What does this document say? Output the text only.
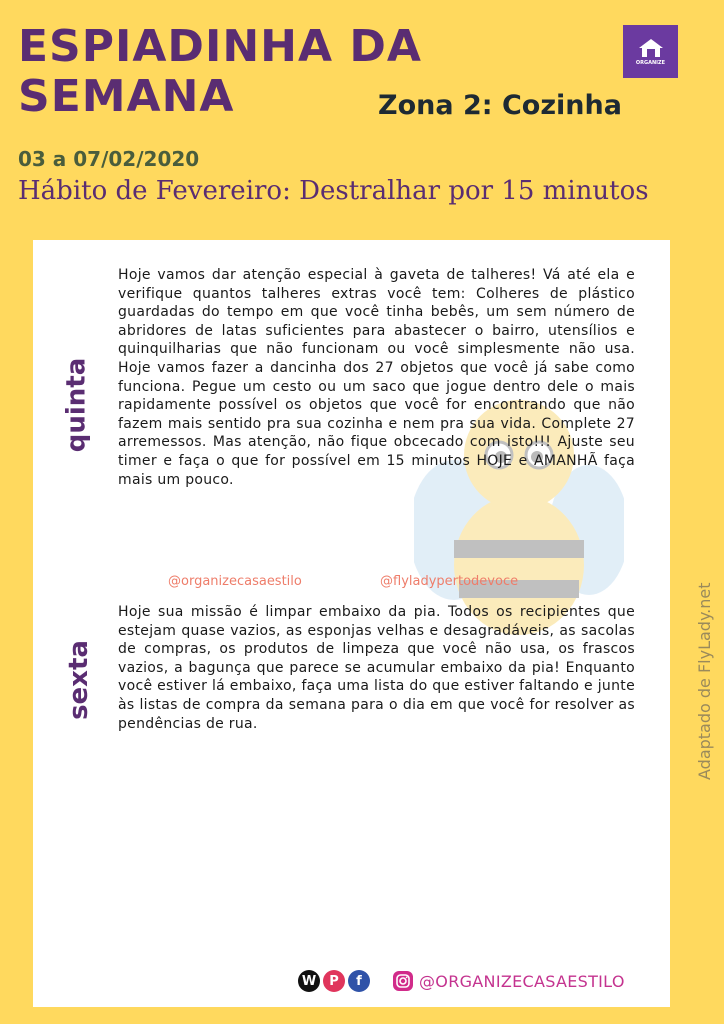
ESPIADINHA DA
SEMANA
ORGANIZE
Zona 2: Cozinha
03 a 07/02/2020
Hábito de Fevereiro: Destralhar por 15 minutos
quinta

Hoje vamos dar atenção especial à gaveta de talheres! Vá até ela e verifique quantos talheres extras você tem: Colheres de plástico guardadas do tempo em que você tinha bebês, um sem número de abridores de latas suficientes para abastecer o bairro, utensílios e quinquilharias que não funcionam ou você simplesmente não usa. Hoje vamos fazer a dancinha dos 27 objetos que você já sabe como funciona. Pegue um cesto ou um saco que jogue dentro dele o mais rapidamente possível os objetos que você for encontrando que não fazem mais sentido pra sua cozinha e nem pra sua vida. Complete 27 arremessos. Mas atenção, não fique obcecado com isto!!! Ajuste seu timer e faça o que for possível em 15 minutos HOJE e AMANHÃ faça mais um pouco.

@organizecasaestilo	@flyladypertodevoce
sexta

Hoje sua missão é limpar embaixo da pia. Todos os recipientes que estejam quase vazios, as esponjas velhas e desagradáveis, as sacolas de compras, os produtos de limpeza que você não usa, os frascos vazios, a bagunça que parece se acumular embaixo da pia! Enquanto você estiver lá embaixo, faça uma lista do que estiver faltando e junte às listas de compra da semana para o dia em que você for resolver as pendências de rua.	Adaptado de FlyLady.net
W	P	f	@ORGANIZECASAESTILO
